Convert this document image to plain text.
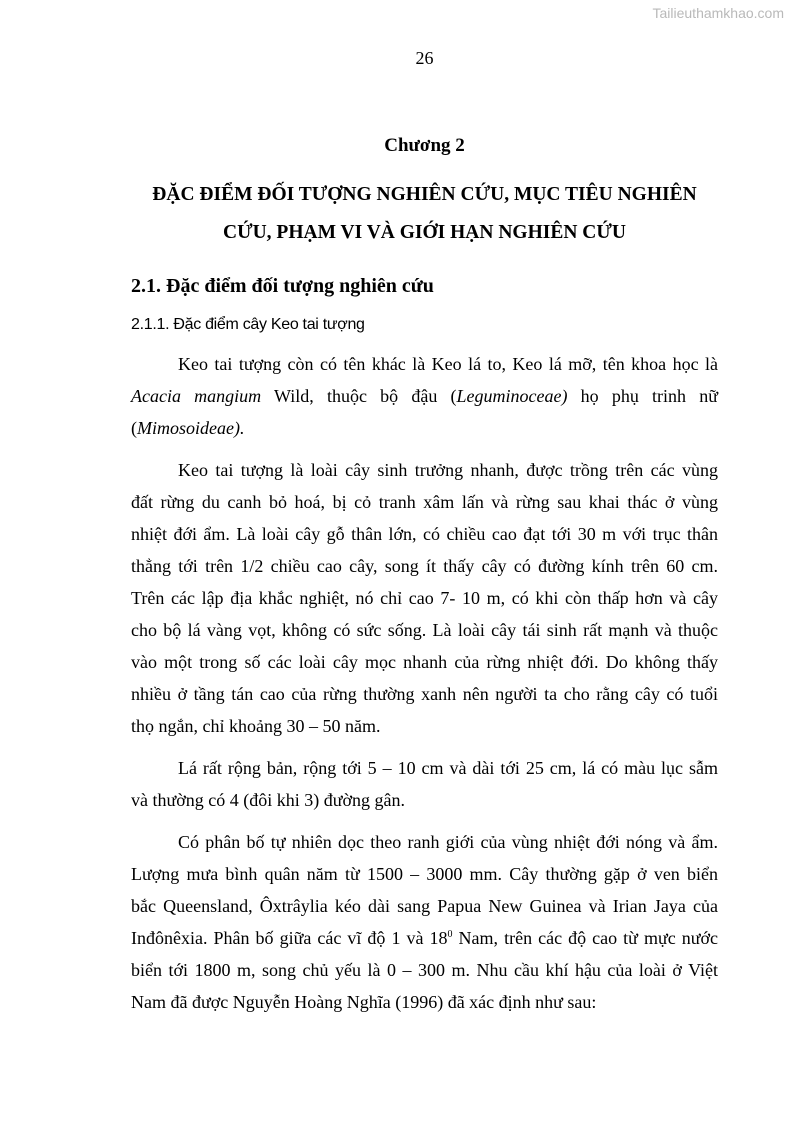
Tailieuthamkhao.com
26
Chương 2
ĐẶC ĐIỂM ĐỐI TƯỢNG NGHIÊN CỨU, MỤC TIÊU NGHIÊN
CỨU, PHẠM VI VÀ GIỚI HẠN NGHIÊN CỨU
2.1. Đặc điểm đối tượng nghiên cứu
2.1.1. Đặc điểm cây Keo tai tượng
Keo tai tượng còn có tên khác là Keo lá to, Keo lá mỡ, tên khoa học là
Acacia mangium Wild, thuộc bộ đậu (Leguminoceae) họ phụ trinh nữ
(Mimosoideae).
Keo tai tượng là loài cây sinh trưởng nhanh, được trồng trên các vùng
đất rừng du canh bỏ hoá, bị cỏ tranh xâm lấn và rừng sau khai thác ở vùng
nhiệt đới ẩm. Là loài cây gỗ thân lớn, có chiều cao đạt tới 30 m với trục thân
thẳng tới trên 1/2 chiều cao cây, song ít thấy cây có đường kính trên 60 cm.
Trên các lập địa khắc nghiệt, nó chỉ cao 7- 10 m, có khi còn thấp hơn và cây
cho bộ lá vàng vọt, không có sức sống. Là loài cây tái sinh rất mạnh và thuộc
vào một trong số các loài cây mọc nhanh của rừng nhiệt đới. Do không thấy
nhiều ở tầng tán cao của rừng thường xanh nên người ta cho rằng cây có tuổi
thọ ngắn, chỉ khoảng 30 – 50 năm.
Lá rất rộng bản, rộng tới 5 – 10 cm và dài tới 25 cm, lá có màu lục sẫm
và thường có 4 (đôi khi 3) đường gân.
Có phân bố tự nhiên dọc theo ranh giới của vùng nhiệt đới nóng và ẩm.
Lượng mưa bình quân năm từ 1500 – 3000 mm. Cây thường gặp ở ven biển
bắc Queensland, Ôxtrâylia kéo dài sang Papua New Guinea và Irian Jaya của
Inđônêxia. Phân bố giữa các vĩ độ 1 và $18^0$ Nam, trên các độ cao từ mực nước
biển tới 1800 m, song chủ yếu là 0 – 300 m. Nhu cầu khí hậu của loài ở Việt
Nam đã được Nguyễn Hoàng Nghĩa (1996) đã xác định như sau:
